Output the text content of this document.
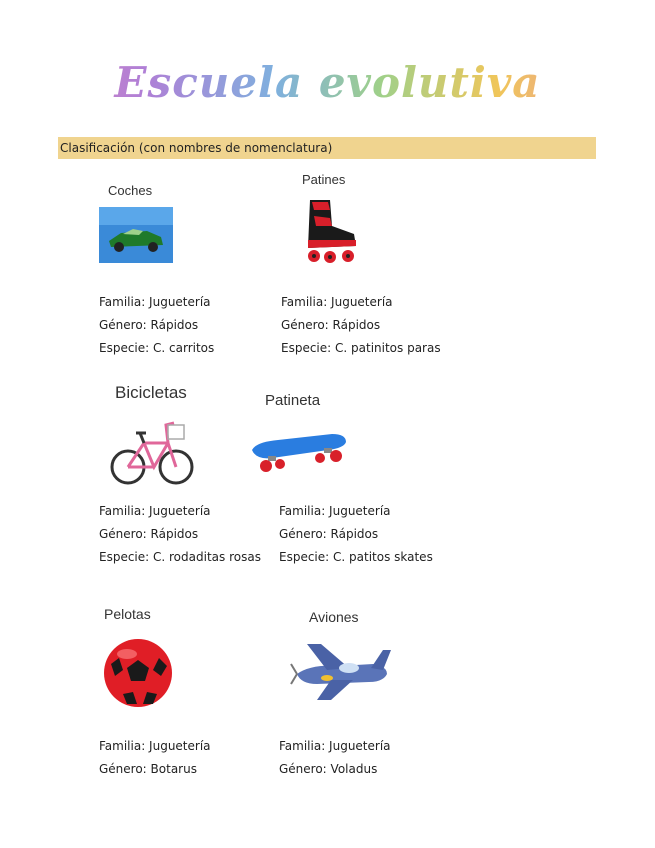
Escuela evolutiva
Clasificación (con nombres de nomenclatura)
Coches
Familia: Juguetería
Género: Rápidos
Especie: C. carritos
Patines
Familia: Juguetería
Género: Rápidos
Especie: C. patinitos paras
Bicicletas
Familia: Juguetería
Género: Rápidos
Especie: C. rodaditas rosas
Patineta
Familia: Juguetería
Género: Rápidos
Especie: C. patitos skates
Pelotas
Familia: Juguetería
Género: Botarus
Aviones
Familia: Juguetería
Género: Voladus
